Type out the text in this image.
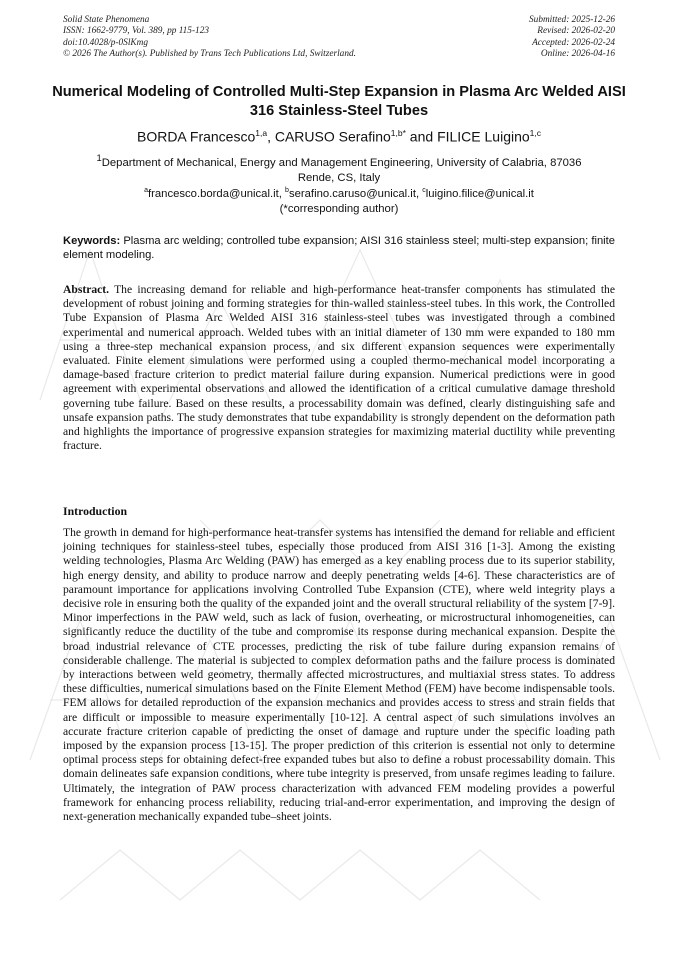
Solid State Phenomena
ISSN: 1662-9779, Vol. 389, pp 115-123
doi:10.4028/p-0SlKmg
© 2026 The Author(s). Published by Trans Tech Publications Ltd, Switzerland.
Submitted: 2025-12-26
Revised: 2026-02-20
Accepted: 2026-02-24
Online: 2026-04-16
Numerical Modeling of Controlled Multi-Step Expansion in Plasma Arc Welded AISI 316 Stainless-Steel Tubes
BORDA Francesco$^{1,a}$, CARUSO Serafino$^{1,b*}$ and FILICE Luigino$^{1,c}$
$^1$Department of Mechanical, Energy and Management Engineering, University of Calabria, 87036 Rende, CS, Italy
$^a$francesco.borda@unical.it, $^b$serafino.caruso@unical.it, $^c$luigino.filice@unical.it
(*corresponding author)
Keywords: Plasma arc welding; controlled tube expansion; AISI 316 stainless steel; multi-step expansion; finite element modeling.
Abstract. The increasing demand for reliable and high-performance heat-transfer components has stimulated the development of robust joining and forming strategies for thin-walled stainless-steel tubes. In this work, the Controlled Tube Expansion of Plasma Arc Welded AISI 316 stainless-steel tubes was investigated through a combined experimental and numerical approach. Welded tubes with an initial diameter of 130 mm were expanded to 180 mm using a three-step mechanical expansion process, and six different expansion sequences were experimentally evaluated. Finite element simulations were performed using a coupled thermo-mechanical model incorporating a damage-based fracture criterion to predict material failure during expansion. Numerical predictions were in good agreement with experimental observations and allowed the identification of a critical cumulative damage threshold governing tube failure. Based on these results, a processability domain was defined, clearly distinguishing safe and unsafe expansion paths. The study demonstrates that tube expandability is strongly dependent on the deformation path and highlights the importance of progressive expansion strategies for maximizing material ductility while preventing fracture.
Introduction
The growth in demand for high-performance heat-transfer systems has intensified the demand for reliable and efficient joining techniques for stainless-steel tubes, especially those produced from AISI 316 [1-3]. Among the existing welding technologies, Plasma Arc Welding (PAW) has emerged as a key enabling process due to its superior stability, high energy density, and ability to produce narrow and deeply penetrating welds [4-6]. These characteristics are of paramount importance for applications involving Controlled Tube Expansion (CTE), where weld integrity plays a decisive role in ensuring both the quality of the expanded joint and the overall structural reliability of the system [7-9]. Minor imperfections in the PAW weld, such as lack of fusion, overheating, or microstructural inhomogeneities, can significantly reduce the ductility of the tube and compromise its response during mechanical expansion. Despite the broad industrial relevance of CTE processes, predicting the risk of tube failure during expansion remains of considerable challenge. The material is subjected to complex deformation paths and the failure process is dominated by interactions between weld geometry, thermally affected microstructures, and multiaxial stress states. To address these difficulties, numerical simulations based on the Finite Element Method (FEM) have become indispensable tools. FEM allows for detailed reproduction of the expansion mechanics and provides access to stress and strain fields that are difficult or impossible to measure experimentally [10-12]. A central aspect of such simulations involves an accurate fracture criterion capable of predicting the onset of damage and rupture under the specific loading path imposed by the expansion process [13-15]. The proper prediction of this criterion is essential not only to determine optimal process steps for obtaining defect-free expanded tubes but also to define a robust processability domain. This domain delineates safe expansion conditions, where tube integrity is preserved, from unsafe regimes leading to failure. Ultimately, the integration of PAW process characterization with advanced FEM modeling provides a powerful framework for enhancing process reliability, reducing trial-and-error experimentation, and improving the design of next-generation mechanically expanded tube–sheet joints.
